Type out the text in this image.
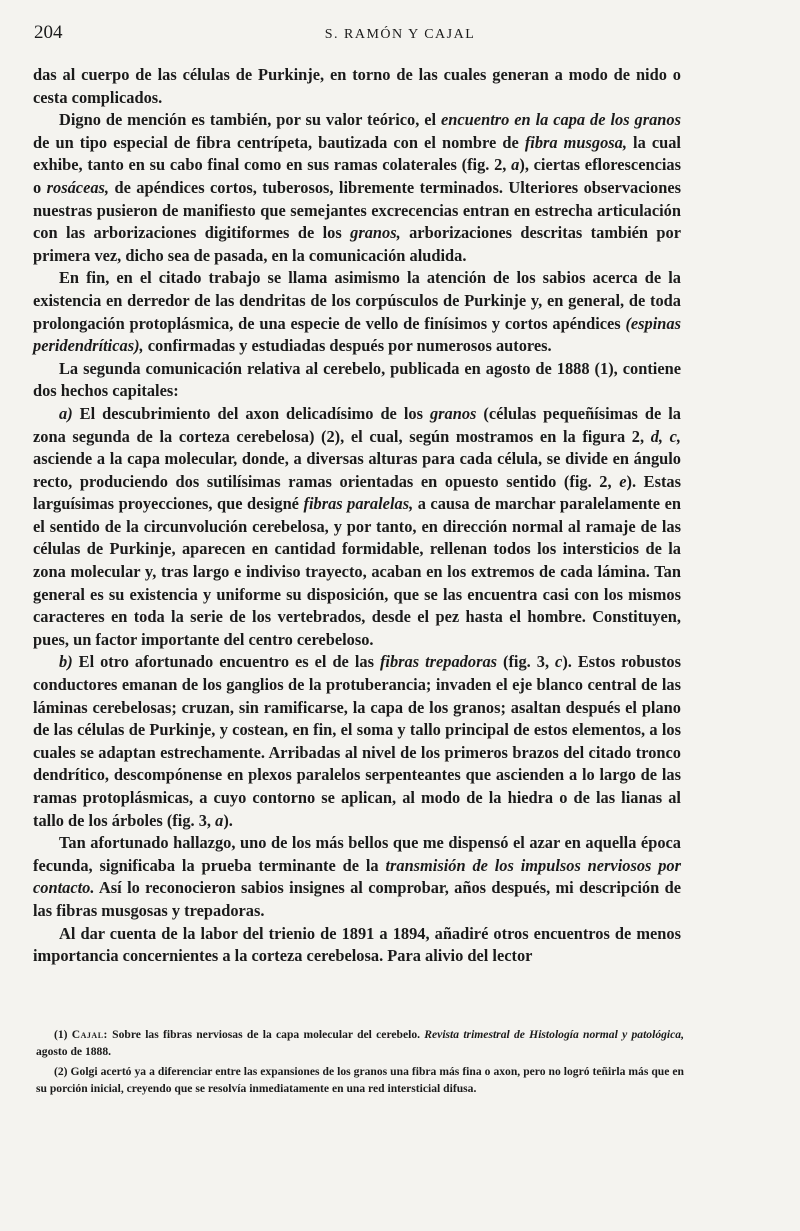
204	S. RAMÓN Y CAJAL

das al cuerpo de las células de Purkinje, en torno de las cuales generan a modo de nido o cesta complicados.

Digno de mención es también, por su valor teórico, el encuentro en la capa de los granos de un tipo especial de fibra centrípeta, bautizada con el nombre de fibra musgosa, la cual exhibe, tanto en su cabo final como en sus ramas colaterales (fig. 2, a), ciertas eflorescencias o rosáceas, de apéndices cortos, tuberosos, libremente terminados. Ulteriores observaciones nuestras pusieron de manifiesto que semejantes excrecencias entran en estrecha articulación con las arborizaciones digitiformes de los granos, arborizaciones descritas también por primera vez, dicho sea de pasada, en la comunicación aludida.

En fin, en el citado trabajo se llama asimismo la atención de los sabios acerca de la existencia en derredor de las dendritas de los corpúsculos de Purkinje y, en general, de toda prolongación protoplásmica, de una especie de vello de finísimos y cortos apéndices (espinas peridendríticas), confirmadas y estudiadas después por numerosos autores.

La segunda comunicación relativa al cerebelo, publicada en agosto de 1888 (1), contiene dos hechos capitales:

a) El descubrimiento del axon delicadísimo de los granos (células pequeñísimas de la zona segunda de la corteza cerebelosa) (2), el cual, según mostramos en la figura 2, d, c, asciende a la capa molecular, donde, a diversas alturas para cada célula, se divide en ángulo recto, produciendo dos sutilísimas ramas orientadas en opuesto sentido (fig. 2, e). Estas larguísimas proyecciones, que designé fibras paralelas, a causa de marchar paralelamente en el sentido de la circunvolución cerebelosa, y por tanto, en dirección normal al ramaje de las células de Purkinje, aparecen en cantidad formidable, rellenan todos los intersticios de la zona molecular y, tras largo e indiviso trayecto, acaban en los extremos de cada lámina. Tan general es su existencia y uniforme su disposición, que se las encuentra casi con los mismos caracteres en toda la serie de los vertebrados, desde el pez hasta el hombre. Constituyen, pues, un factor importante del centro cerebeloso.

b) El otro afortunado encuentro es el de las fibras trepadoras (fig. 3, c). Estos robustos conductores emanan de los ganglios de la protuberancia; invaden el eje blanco central de las láminas cerebelosas; cruzan, sin ramificarse, la capa de los granos; asaltan después el plano de las células de Purkinje, y costean, en fin, el soma y tallo principal de estos elementos, a los cuales se adaptan estrechamente. Arribadas al nivel de los primeros brazos del citado tronco dendrítico, descompónense en plexos paralelos serpenteantes que ascienden a lo largo de las ramas protoplásmicas, a cuyo contorno se aplican, al modo de la hiedra o de las lianas al tallo de los árboles (fig. 3, a).

Tan afortunado hallazgo, uno de los más bellos que me dispensó el azar en aquella época fecunda, significaba la prueba terminante de la transmisión de los impulsos nerviosos por contacto. Así lo reconocieron sabios insignes al comprobar, años después, mi descripción de las fibras musgosas y trepadoras.

Al dar cuenta de la labor del trienio de 1891 a 1894, añadiré otros encuentros de menos importancia concernientes a la corteza cerebelosa. Para alivio del lector

(1) Cajal: Sobre las fibras nerviosas de la capa molecular del cerebelo. Revista trimestral de Histología normal y patológica, agosto de 1888.

(2) Golgi acertó ya a diferenciar entre las expansiones de los granos una fibra más fina o axon, pero no logró teñirla más que en su porción inicial, creyendo que se resolvía inmediatamente en una red intersticial difusa.
